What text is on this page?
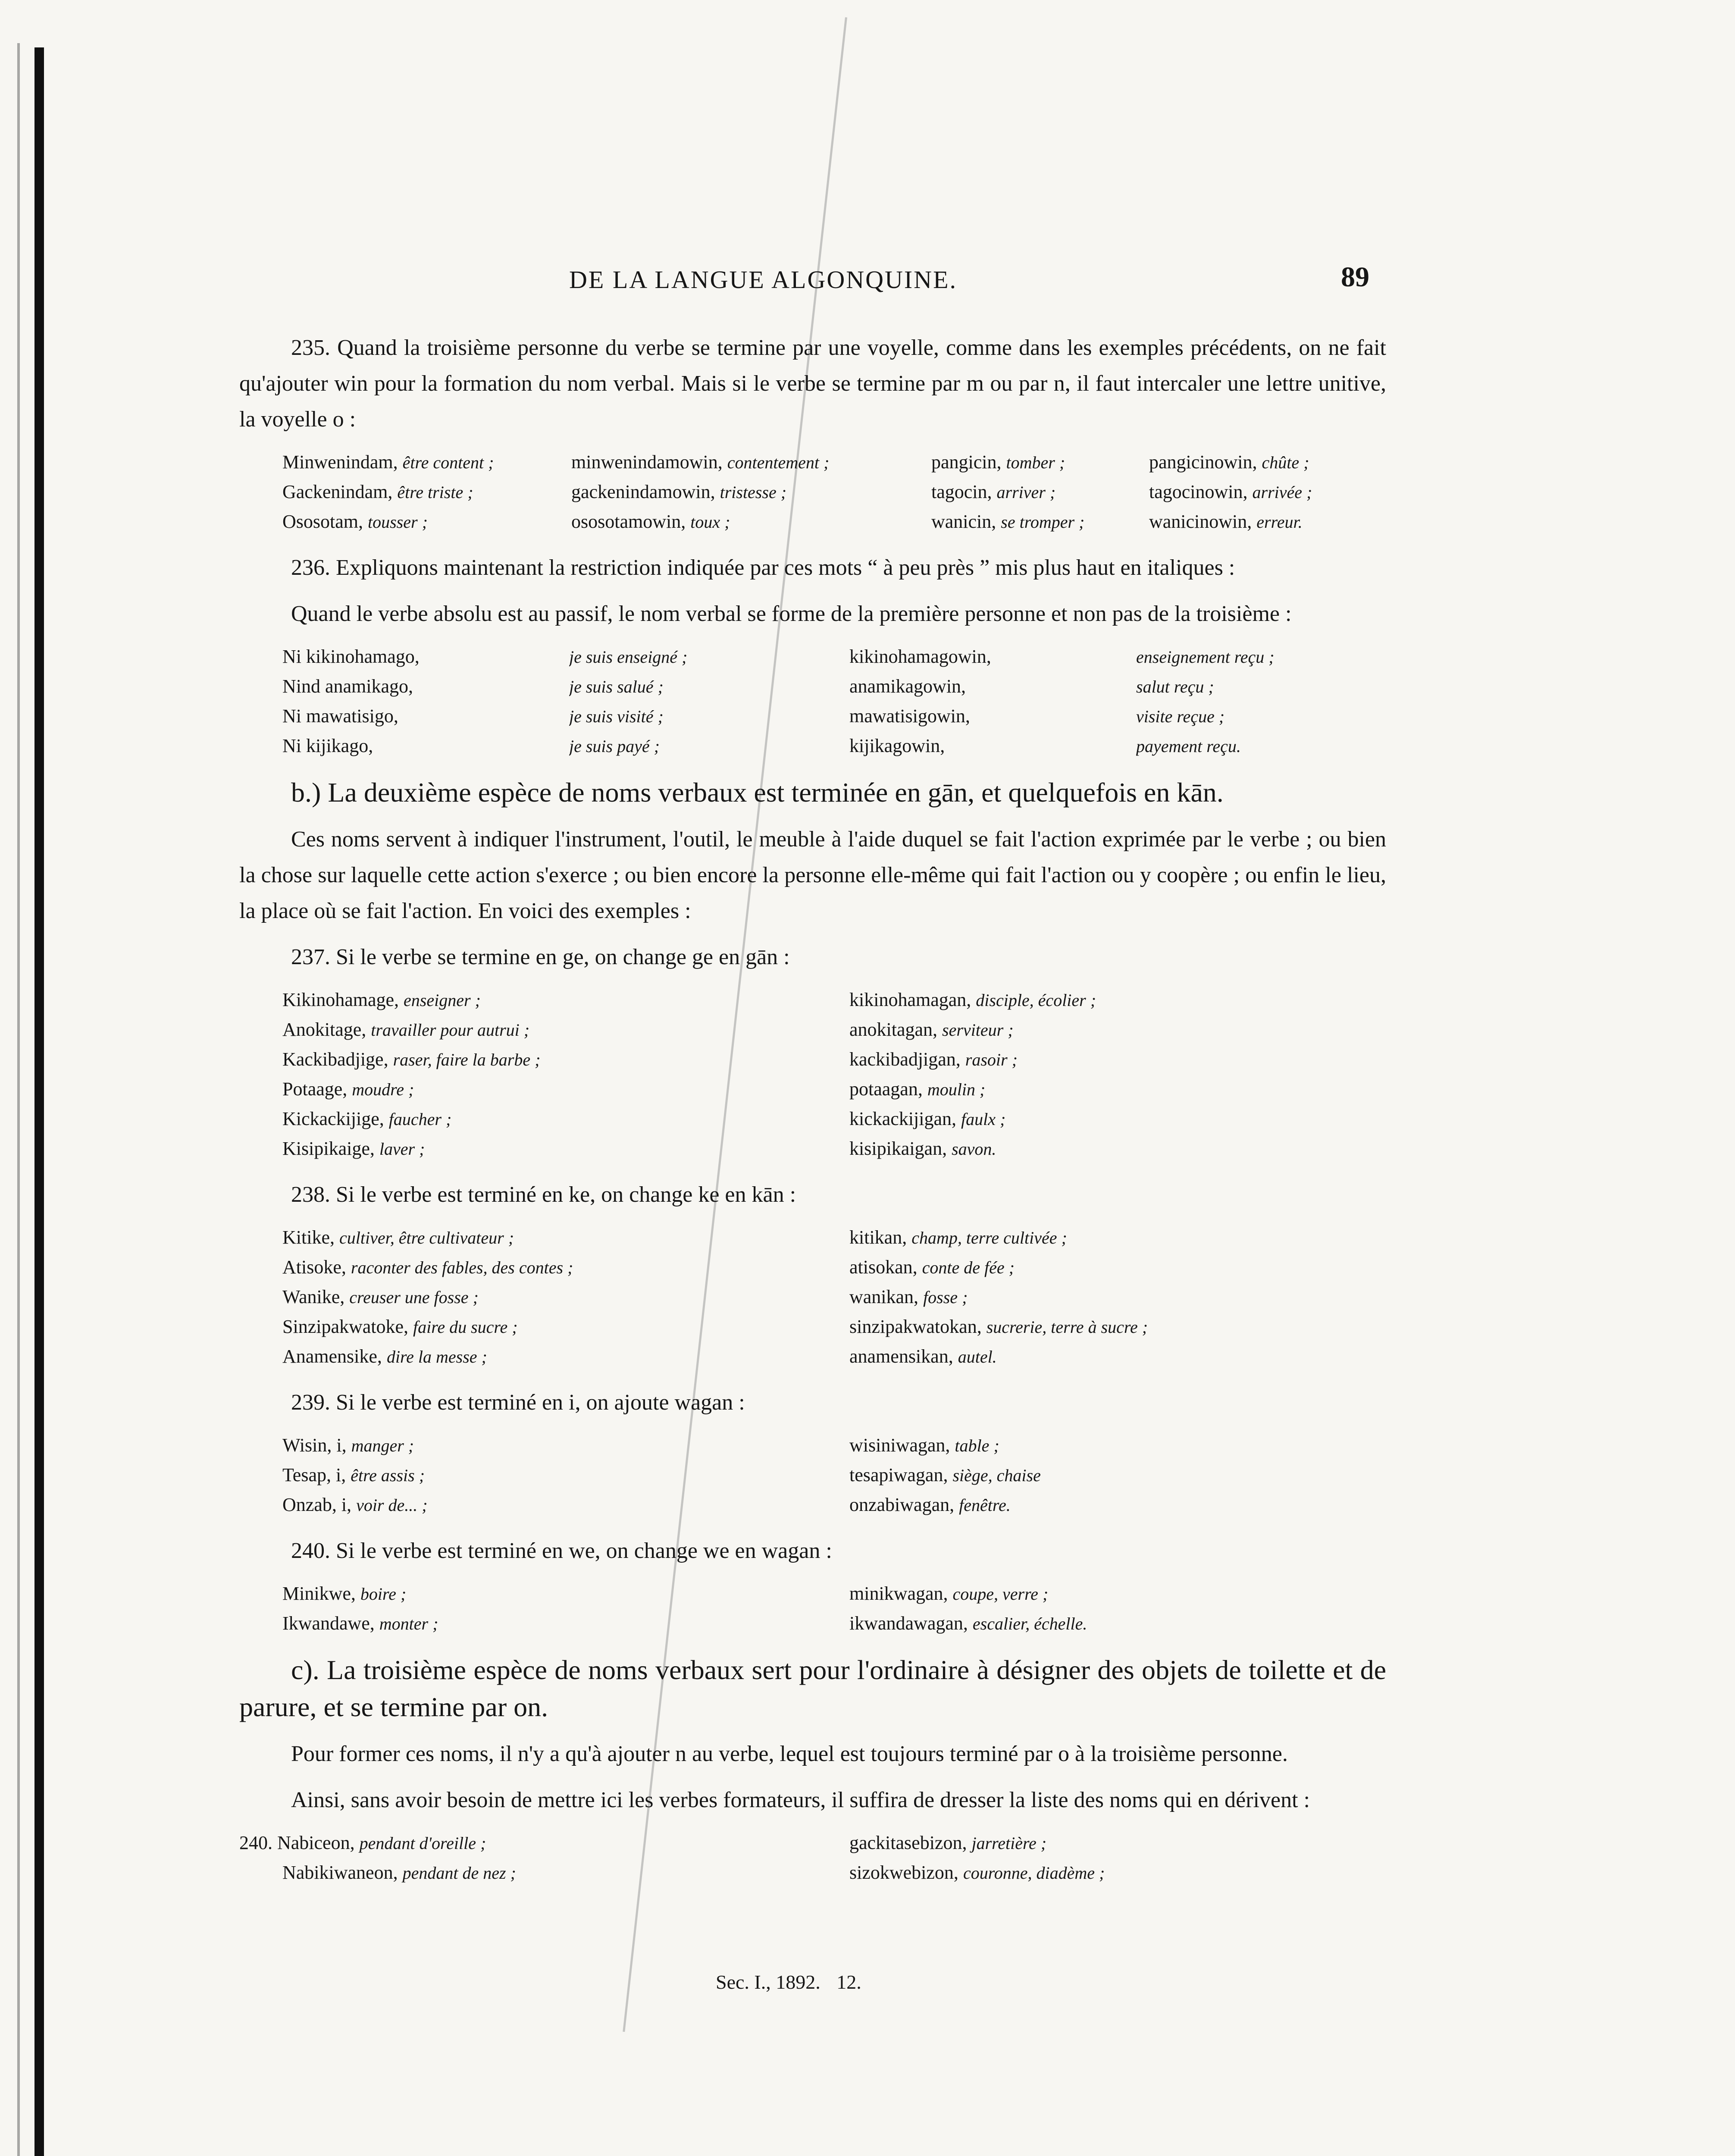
DE LA LANGUE ALGONQUINE.	89

235. Quand la troisième personne du verbe se termine par une voyelle, comme dans les exemples précédents, on ne fait qu'ajouter win pour la formation du nom verbal. Mais si le verbe se termine par m ou par n, il faut intercaler une lettre unitive, la voyelle o :

Minwenindam, être content ;	minwenindamowin, contentement ;	pangicin, tomber ;	pangicinowin, chûte ;
Gackenindam, être triste ;	gackenindamowin, tristesse ;	tagocin, arriver ;	tagocinowin, arrivée ;
Ososotam, tousser ;	ososotamowin, toux ;	wanicin, se tromper ;	wanicinowin, erreur.

236. Expliquons maintenant la restriction indiquée par ces mots “ à peu près ” mis plus haut en italiques :

Quand le verbe absolu est au passif, le nom verbal se forme de la première personne et non pas de la troisième :

Ni kikinohamago,	je suis enseigné ;	kikinohamagowin,	enseignement reçu ;
Nind anamikago,	je suis salué ;	anamikagowin,	salut reçu ;
Ni mawatisigo,	je suis visité ;	mawatisigowin,	visite reçue ;
Ni kijikago,	je suis payé ;	kijikagowin,	payement reçu.

b.) La deuxième espèce de noms verbaux est terminée en gān, et quelquefois en kān.

Ces noms servent à indiquer l'instrument, l'outil, le meuble à l'aide duquel se fait l'action exprimée par le verbe ; ou bien la chose sur laquelle cette action s'exerce ; ou bien encore la personne elle-même qui fait l'action ou y coopère ; ou enfin le lieu, la place où se fait l'action. En voici des exemples :

237. Si le verbe se termine en ge, on change ge en gān :

Kikinohamage, enseigner ;	kikinohamagan, disciple, écolier ;
Anokitage, travailler pour autrui ;	anokitagan, serviteur ;
Kackibadjige, raser, faire la barbe ;	kackibadjigan, rasoir ;
Potaage, moudre ;	potaagan, moulin ;
Kickackijige, faucher ;	kickackijigan, faulx ;
Kisipikaige, laver ;	kisipikaigan, savon.

238. Si le verbe est terminé en ke, on change ke en kān :

Kitike, cultiver, être cultivateur ;	kitikan, champ, terre cultivée ;
Atisoke, raconter des fables, des contes ;	atisokan, conte de fée ;
Wanike, creuser une fosse ;	wanikan, fosse ;
Sinzipakwatoke, faire du sucre ;	sinzipakwatokan, sucrerie, terre à sucre ;
Anamensike, dire la messe ;	anamensikan, autel.

239. Si le verbe est terminé en i, on ajoute wagan :

Wisin, i, manger ;	wisiniwagan, table ;
Tesap, i, être assis ;	tesapiwagan, siège, chaise
Onzab, i, voir de... ;	onzabiwagan, fenêtre.

240. Si le verbe est terminé en we, on change we en wagan :

Minikwe, boire ;	minikwagan, coupe, verre ;
Ikwandawe, monter ;	ikwandawagan, escalier, échelle.

c). La troisième espèce de noms verbaux sert pour l'ordinaire à désigner des objets de toilette et de parure, et se termine par on.

Pour former ces noms, il n'y a qu'à ajouter n au verbe, lequel est toujours terminé par o à la troisième personne.

Ainsi, sans avoir besoin de mettre ici les verbes formateurs, il suffira de dresser la liste des noms qui en dérivent :

240. Nabiceon, pendant d'oreille ;	gackitasebizon, jarretière ;
Nabikiwaneon, pendant de nez ;	sizokwebizon, couronne, diadème ;
Sec. I., 1892. 12.
